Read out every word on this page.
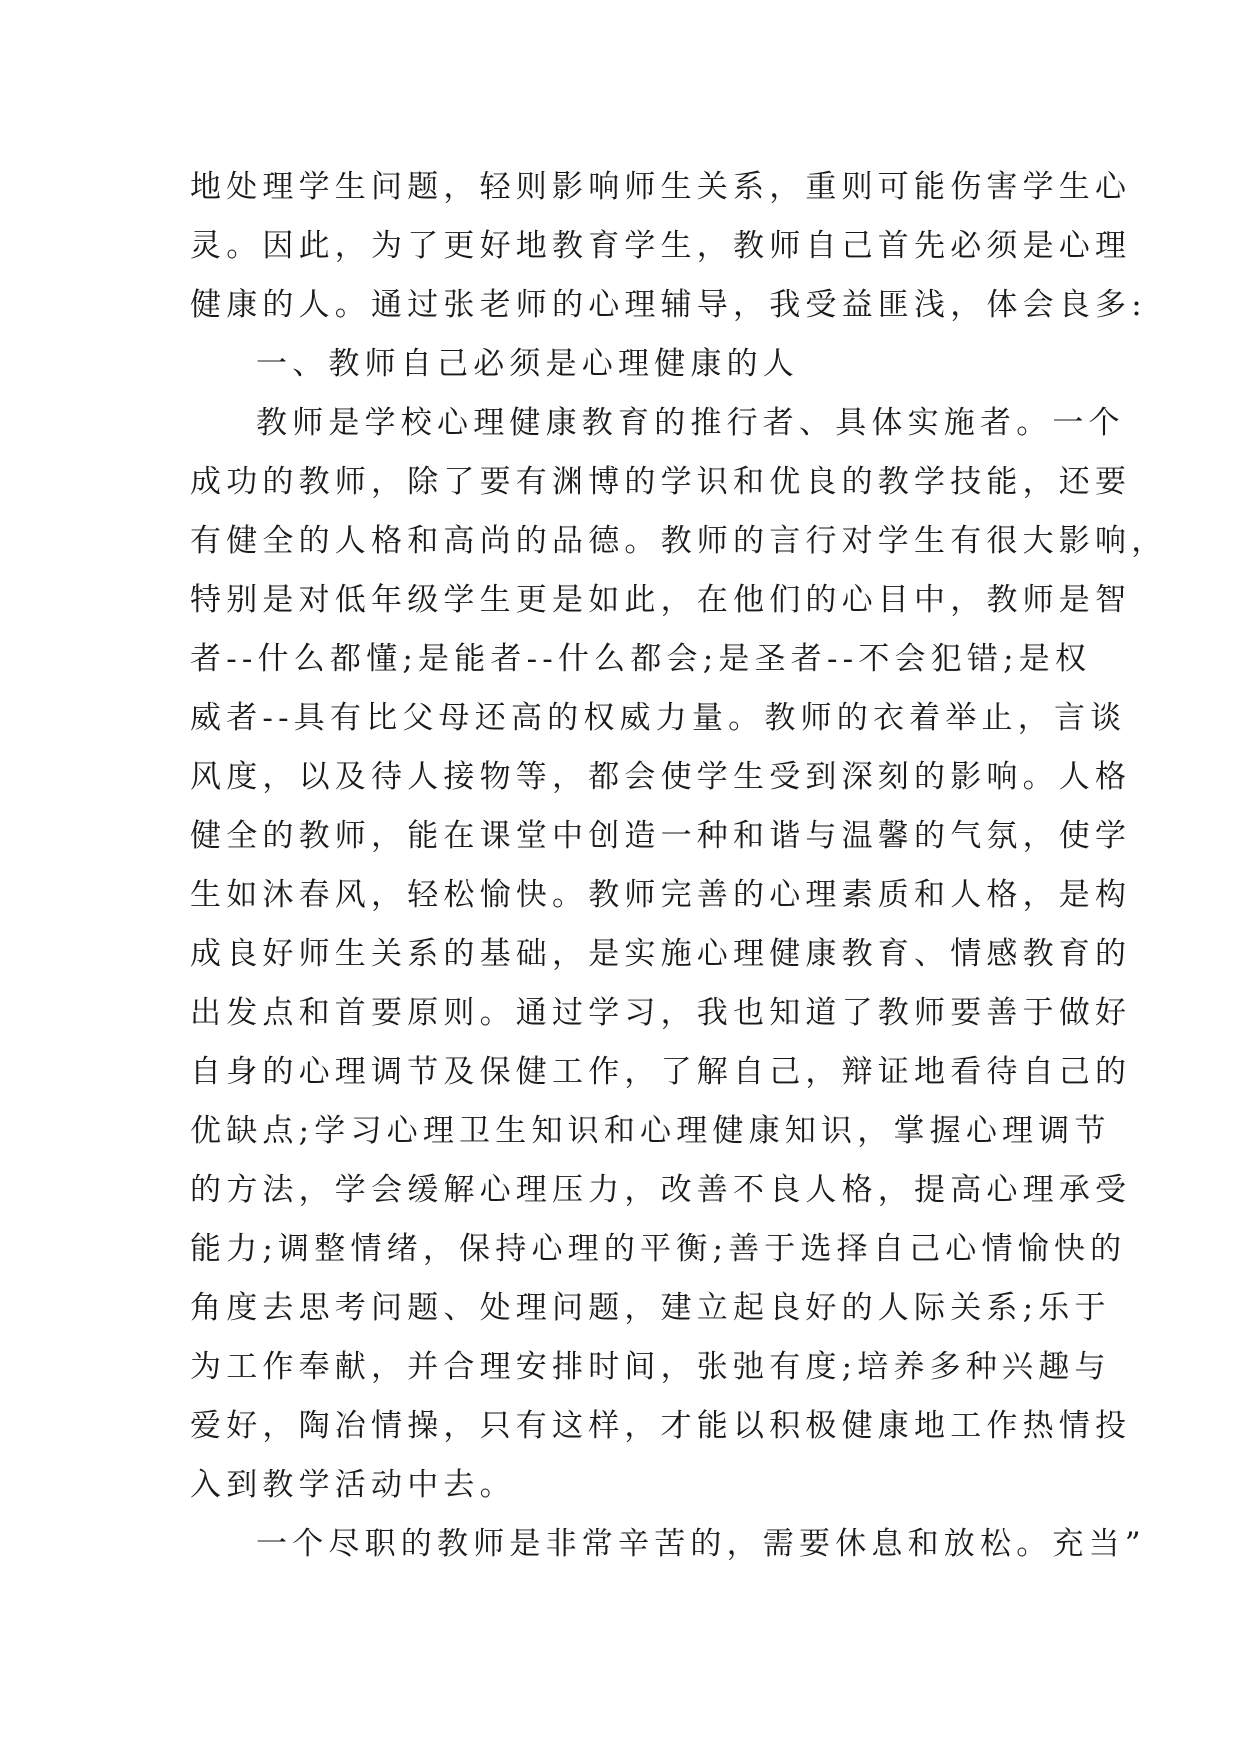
地处理学生问题，轻则影响师生关系，重则可能伤害学生心
灵。因此，为了更好地教育学生，教师自己首先必须是心理
健康的人。通过张老师的心理辅导，我受益匪浅，体会良多:
一、教师自己必须是心理健康的人
教师是学校心理健康教育的推行者、具体实施者。一个
成功的教师，除了要有渊博的学识和优良的教学技能，还要
有健全的人格和高尚的品德。教师的言行对学生有很大影响，
特别是对低年级学生更是如此，在他们的心目中，教师是智
者--什么都懂;是能者--什么都会;是圣者--不会犯错;是权
威者--具有比父母还高的权威力量。教师的衣着举止，言谈
风度，以及待人接物等，都会使学生受到深刻的影响。人格
健全的教师，能在课堂中创造一种和谐与温馨的气氛，使学
生如沐春风，轻松愉快。教师完善的心理素质和人格，是构
成良好师生关系的基础，是实施心理健康教育、情感教育的
出发点和首要原则。通过学习，我也知道了教师要善于做好
自身的心理调节及保健工作，了解自己，辩证地看待自己的
优缺点;学习心理卫生知识和心理健康知识，掌握心理调节
的方法，学会缓解心理压力，改善不良人格，提高心理承受
能力;调整情绪，保持心理的平衡;善于选择自己心情愉快的
角度去思考问题、处理问题，建立起良好的人际关系;乐于
为工作奉献，并合理安排时间，张弛有度;培养多种兴趣与
爱好，陶冶情操，只有这样，才能以积极健康地工作热情投
入到教学活动中去。
一个尽职的教师是非常辛苦的，需要休息和放松。充当”
